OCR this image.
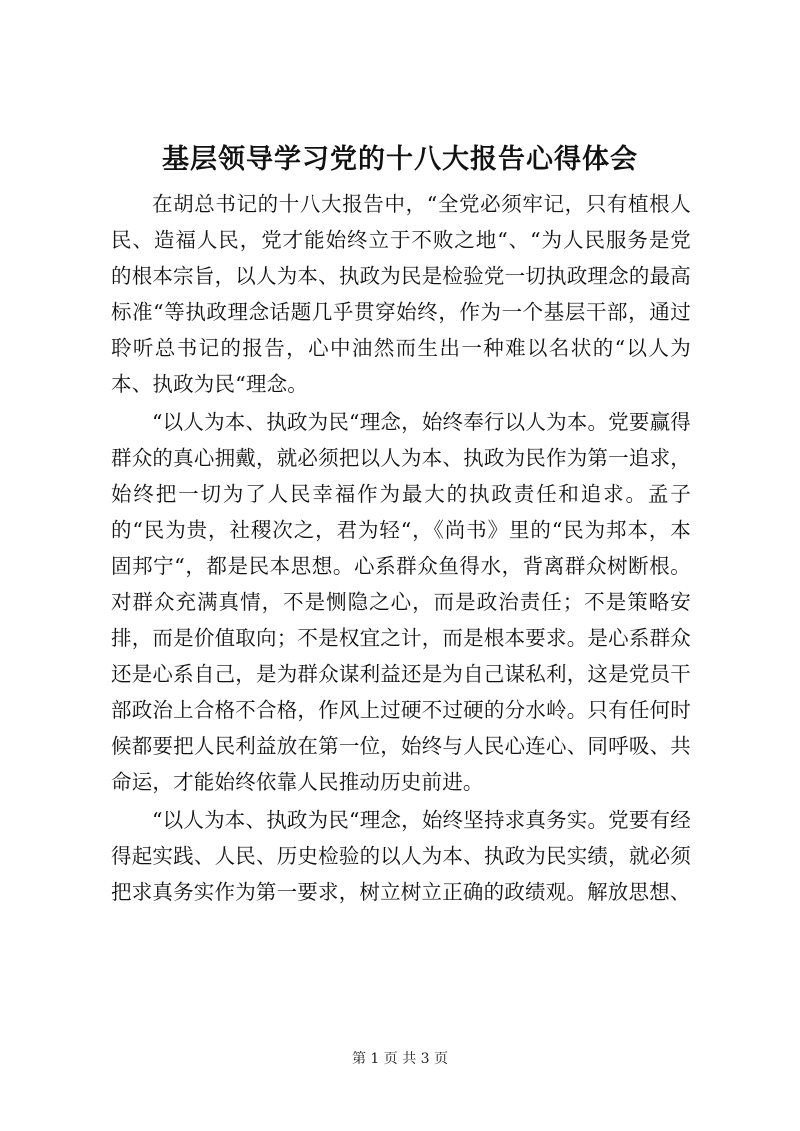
基层领导学习党的十八大报告心得体会

在胡总书记的十八大报告中，“全党必须牢记，只有植根人民、造福人民，党才能始终立于不败之地“、“为人民服务是党的根本宗旨，以人为本、执政为民是检验党一切执政理念的最高标准“等执政理念话题几乎贯穿始终，作为一个基层干部，通过聆听总书记的报告，心中油然而生出一种难以名状的“以人为本、执政为民“理念。

“以人为本、执政为民“理念，始终奉行以人为本。党要赢得群众的真心拥戴，就必须把以人为本、执政为民作为第一追求，始终把一切为了人民幸福作为最大的执政责任和追求。孟子的“民为贵，社稷次之，君为轻“，《尚书》里的“民为邦本，本固邦宁“，都是民本思想。心系群众鱼得水，背离群众树断根。对群众充满真情，不是恻隐之心，而是政治责任；不是策略安排，而是价值取向；不是权宜之计，而是根本要求。是心系群众还是心系自己，是为群众谋利益还是为自己谋私利，这是党员干部政治上合格不合格，作风上过硬不过硬的分水岭。只有任何时候都要把人民利益放在第一位，始终与人民心连心、同呼吸、共命运，才能始终依靠人民推动历史前进。

“以人为本、执政为民“理念，始终坚持求真务实。党要有经得起实践、人民、历史检验的以人为本、执政为民实绩，就必须把求真务实作为第一要求，树立树立正确的政绩观。解放思想、

第 1 页 共 3 页
